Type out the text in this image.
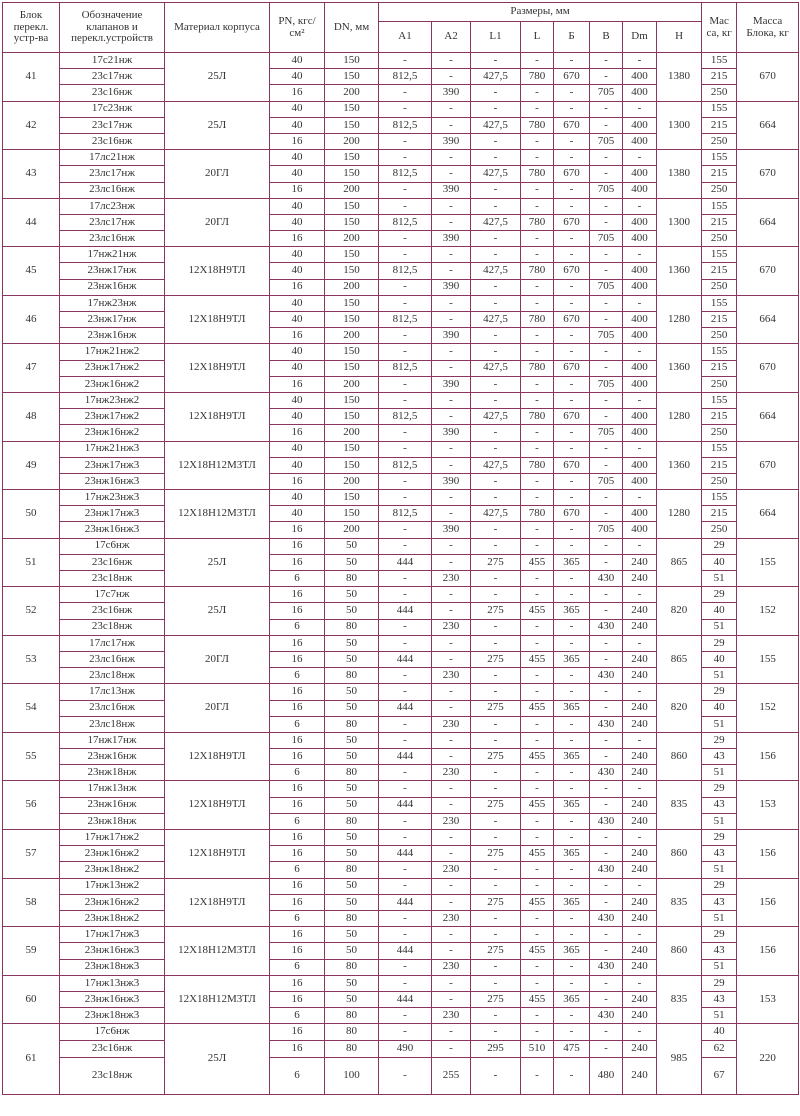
Блок перекл. устр-ва	Обозначение клапанов и перекл.устройств	Материал корпуса	PN, кгс/см²	DN, мм	Размеры, мм								Мас са, кг	Масса Блока, кг
					A1	A2	L1	L	Б	B	Dm	H		
41	17с21нж	25Л	40	150	-	-	-	-	-	-	-	1380	155	670
	23с17нж		40	150	812,5	-	427,5	780	670	-	400		215	
	23с16нж		16	200	-	390	-	-	-	705	400		250	
42	17с23нж	25Л	40	150	-	-	-	-	-	-	-	1300	155	664
	23с17нж		40	150	812,5	-	427,5	780	670	-	400		215	
	23с16нж		16	200	-	390	-	-	-	705	400		250	
43	17лс21нж	20ГЛ	40	150	-	-	-	-	-	-	-	1380	155	670
	23лс17нж		40	150	812,5	-	427,5	780	670	-	400		215	
	23лс16нж		16	200	-	390	-	-	-	705	400		250	
44	17лс23нж	20ГЛ	40	150	-	-	-	-	-	-	-	1300	155	664
	23лс17нж		40	150	812,5	-	427,5	780	670	-	400		215	
	23лс16нж		16	200	-	390	-	-	-	705	400		250	
45	17нж21нж	12Х18Н9ТЛ	40	150	-	-	-	-	-	-	-	1360	155	670
	23нж17нж		40	150	812,5	-	427,5	780	670	-	400		215	
	23нж16нж		16	200	-	390	-	-	-	705	400		250	
46	17нж23нж	12Х18Н9ТЛ	40	150	-	-	-	-	-	-	-	1280	155	664
	23нж17нж		40	150	812,5	-	427,5	780	670	-	400		215	
	23нж16нж		16	200	-	390	-	-	-	705	400		250	
47	17нж21нж2	12Х18Н9ТЛ	40	150	-	-	-	-	-	-	-	1360	155	670
	23нж17нж2		40	150	812,5	-	427,5	780	670	-	400		215	
	23нж16нж2		16	200	-	390	-	-	-	705	400		250	
48	17нж23нж2	12Х18Н9ТЛ	40	150	-	-	-	-	-	-	-	1280	155	664
	23нж17нж2		40	150	812,5	-	427,5	780	670	-	400		215	
	23нж16нж2		16	200	-	390	-	-	-	705	400		250	
49	17нж21нж3	12Х18Н12М3ТЛ	40	150	-	-	-	-	-	-	-	1360	155	670
	23нж17нж3		40	150	812,5	-	427,5	780	670	-	400		215	
	23нж16нж3		16	200	-	390	-	-	-	705	400		250	
50	17нж23нж3	12Х18Н12М3ТЛ	40	150	-	-	-	-	-	-	-	1280	155	664
	23нж17нж3		40	150	812,5	-	427,5	780	670	-	400		215	
	23нж16нж3		16	200	-	390	-	-	-	705	400		250	
51	17с6нж	25Л	16	50	-	-	-	-	-	-	-	865	29	155
	23с16нж		16	50	444	-	275	455	365	-	240		40	
	23с18нж		6	80	-	230	-	-	-	430	240		51	
52	17с7нж	25Л	16	50	-	-	-	-	-	-	-	820	29	152
	23с16нж		16	50	444	-	275	455	365	-	240		40	
	23с18нж		6	80	-	230	-	-	-	430	240		51	
53	17лс17нж	20ГЛ	16	50	-	-	-	-	-	-	-	865	29	155
	23лс16нж		16	50	444	-	275	455	365	-	240		40	
	23лс18нж		6	80	-	230	-	-	-	430	240		51	
54	17лс13нж	20ГЛ	16	50	-	-	-	-	-	-	-	820	29	152
	23лс16нж		16	50	444	-	275	455	365	-	240		40	
	23лс18нж		6	80	-	230	-	-	-	430	240		51	
55	17нж17нж	12Х18Н9ТЛ	16	50	-	-	-	-	-	-	-	860	29	156
	23нж16нж		16	50	444	-	275	455	365	-	240		43	
	23нж18нж		6	80	-	230	-	-	-	430	240		51	
56	17нж13нж	12Х18Н9ТЛ	16	50	-	-	-	-	-	-	-	835	29	153
	23нж16нж		16	50	444	-	275	455	365	-	240		43	
	23нж18нж		6	80	-	230	-	-	-	430	240		51	
57	17нж17нж2	12Х18Н9ТЛ	16	50	-	-	-	-	-	-	-	860	29	156
	23нж16нж2		16	50	444	-	275	455	365	-	240		43	
	23нж18нж2		6	80	-	230	-	-	-	430	240		51	
58	17нж13нж2	12Х18Н9ТЛ	16	50	-	-	-	-	-	-	-	835	29	156
	23нж16нж2		16	50	444	-	275	455	365	-	240		43	
	23нж18нж2		6	80	-	230	-	-	-	430	240		51	
59	17нж17нж3	12Х18Н12М3ТЛ	16	50	-	-	-	-	-	-	-	860	29	156
	23нж16нж3		16	50	444	-	275	455	365	-	240		43	
	23нж18нж3		6	80	-	230	-	-	-	430	240		51	
60	17нж13нж3	12Х18Н12М3ТЛ	16	50	-	-	-	-	-	-	-	835	29	153
	23нж16нж3		16	50	444	-	275	455	365	-	240		43	
	23нж18нж3		6	80	-	230	-	-	-	430	240		51	
61	17с6нж	25Л	16	80	-	-	-	-	-	-	-	985	40	220
	23с16нж		16	80	490	-	295	510	475	-	240		62	
	23с18нж		6	100	-	255	-	-	-	480	240		67	
